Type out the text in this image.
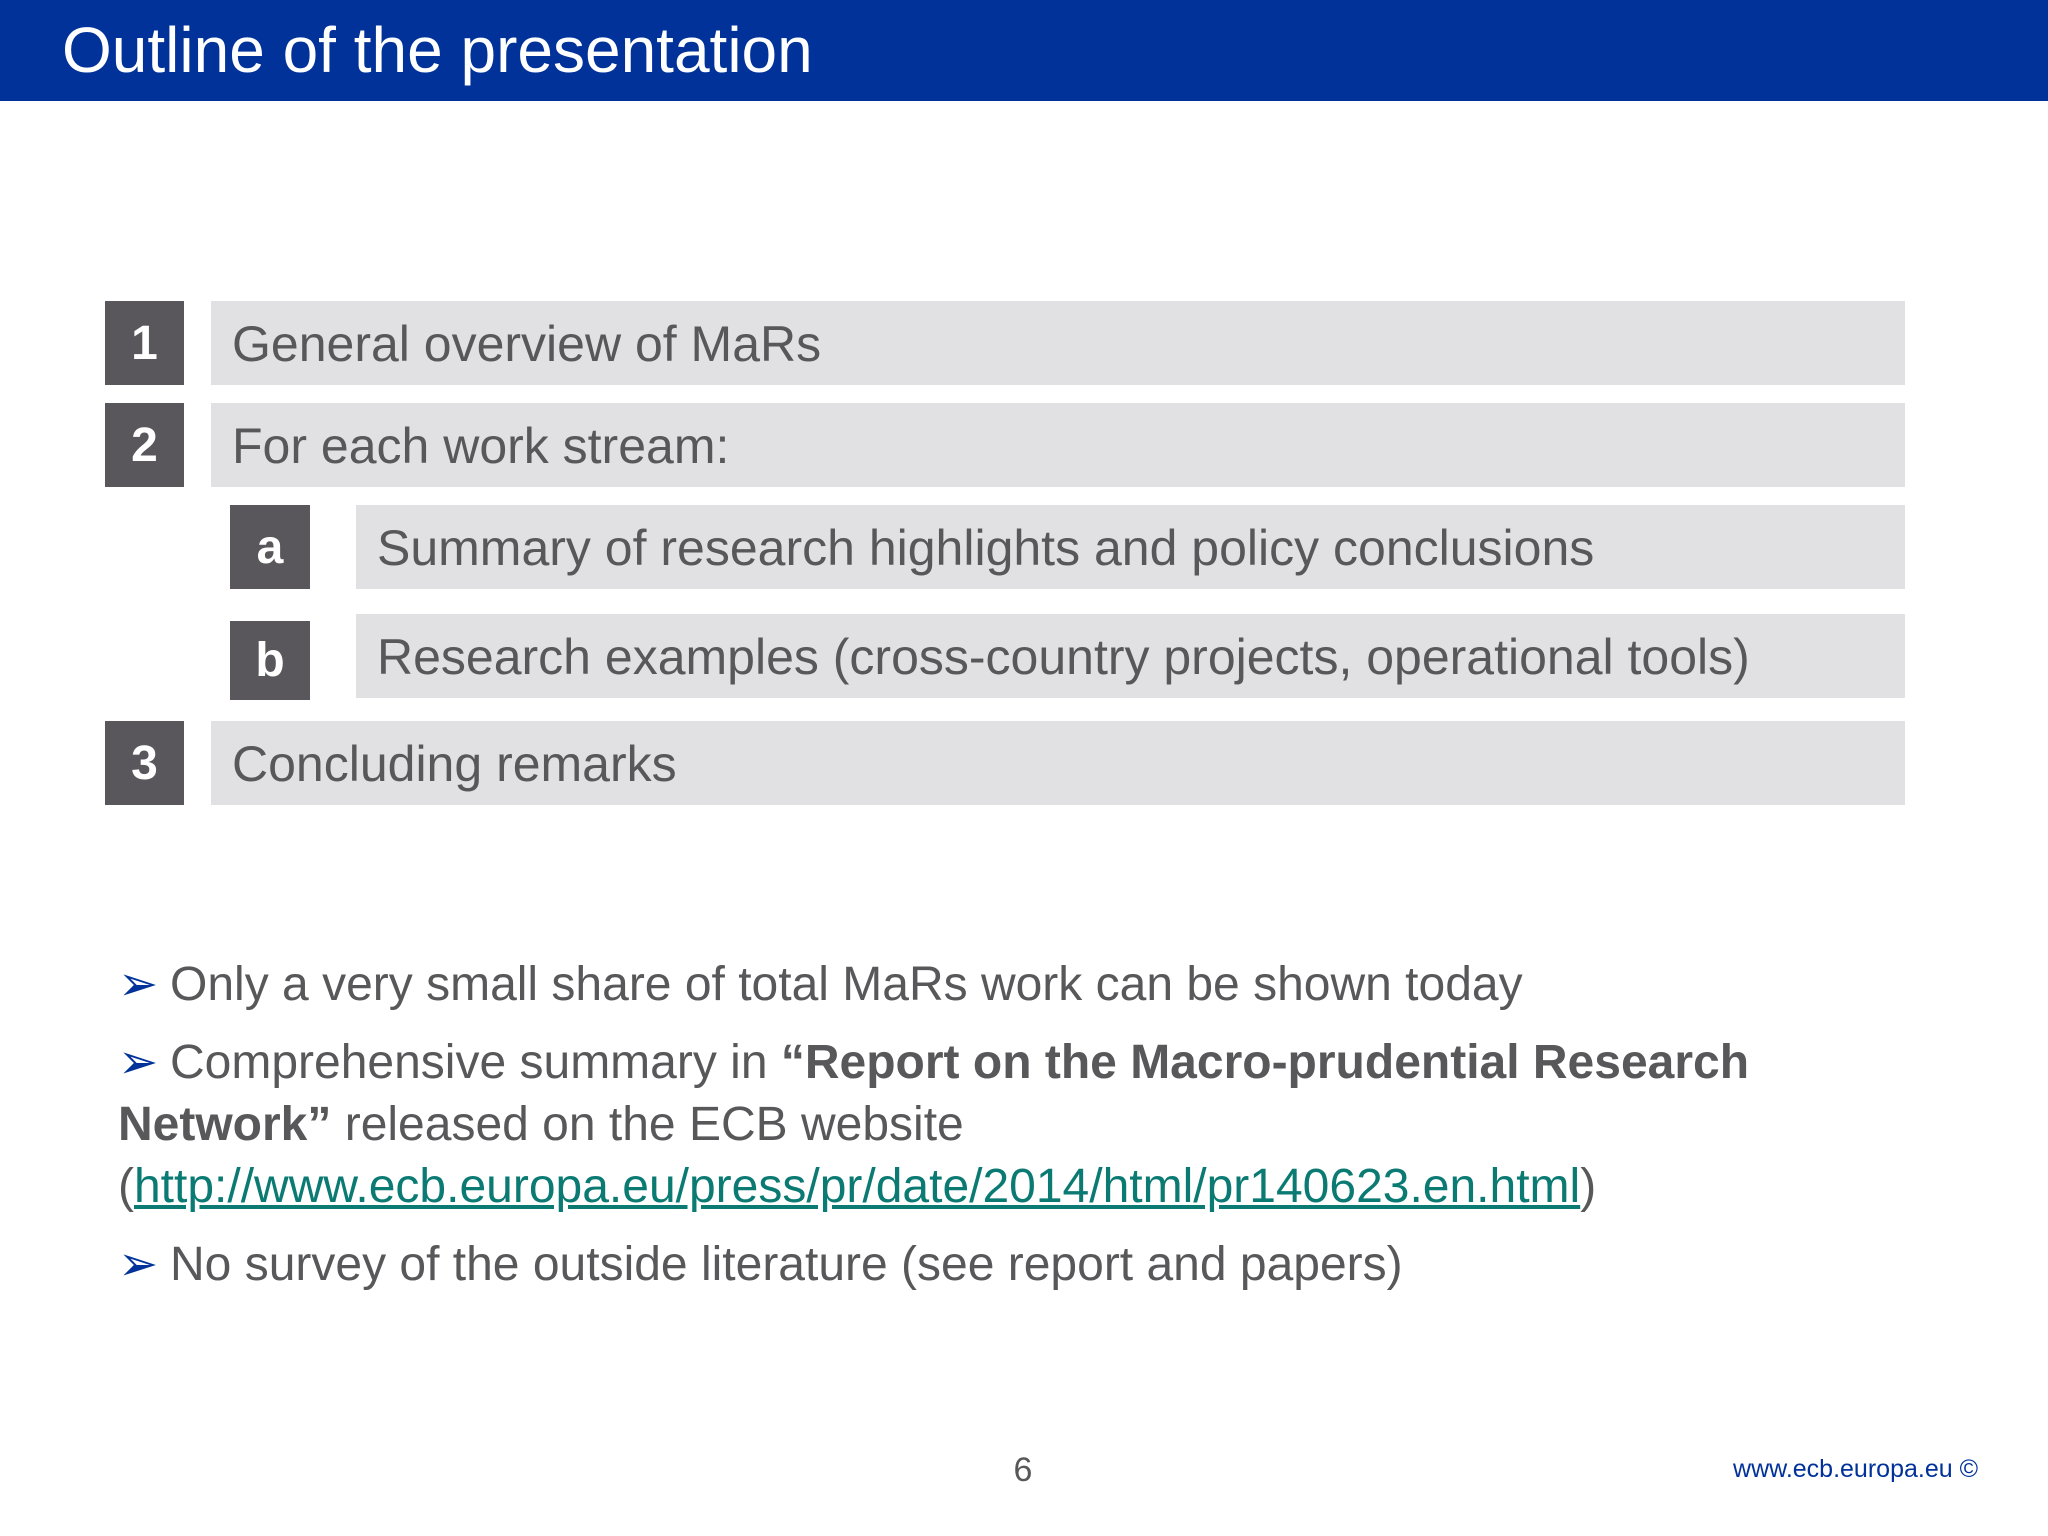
Outline of the presentation
1	General overview of MaRs
2	For each work stream:
a	Summary of research highlights and policy conclusions
b	Research examples (cross-country projects, operational tools)
3	Concluding remarks
➢ Only a very small share of total MaRs work can be shown today
➢ Comprehensive summary in “Report on the Macro-prudential Research Network” released on the ECB website
(http://www.ecb.europa.eu/press/pr/date/2014/html/pr140623.en.html)
➢ No survey of the outside literature (see report and papers)
6	www.ecb.europa.eu ©
